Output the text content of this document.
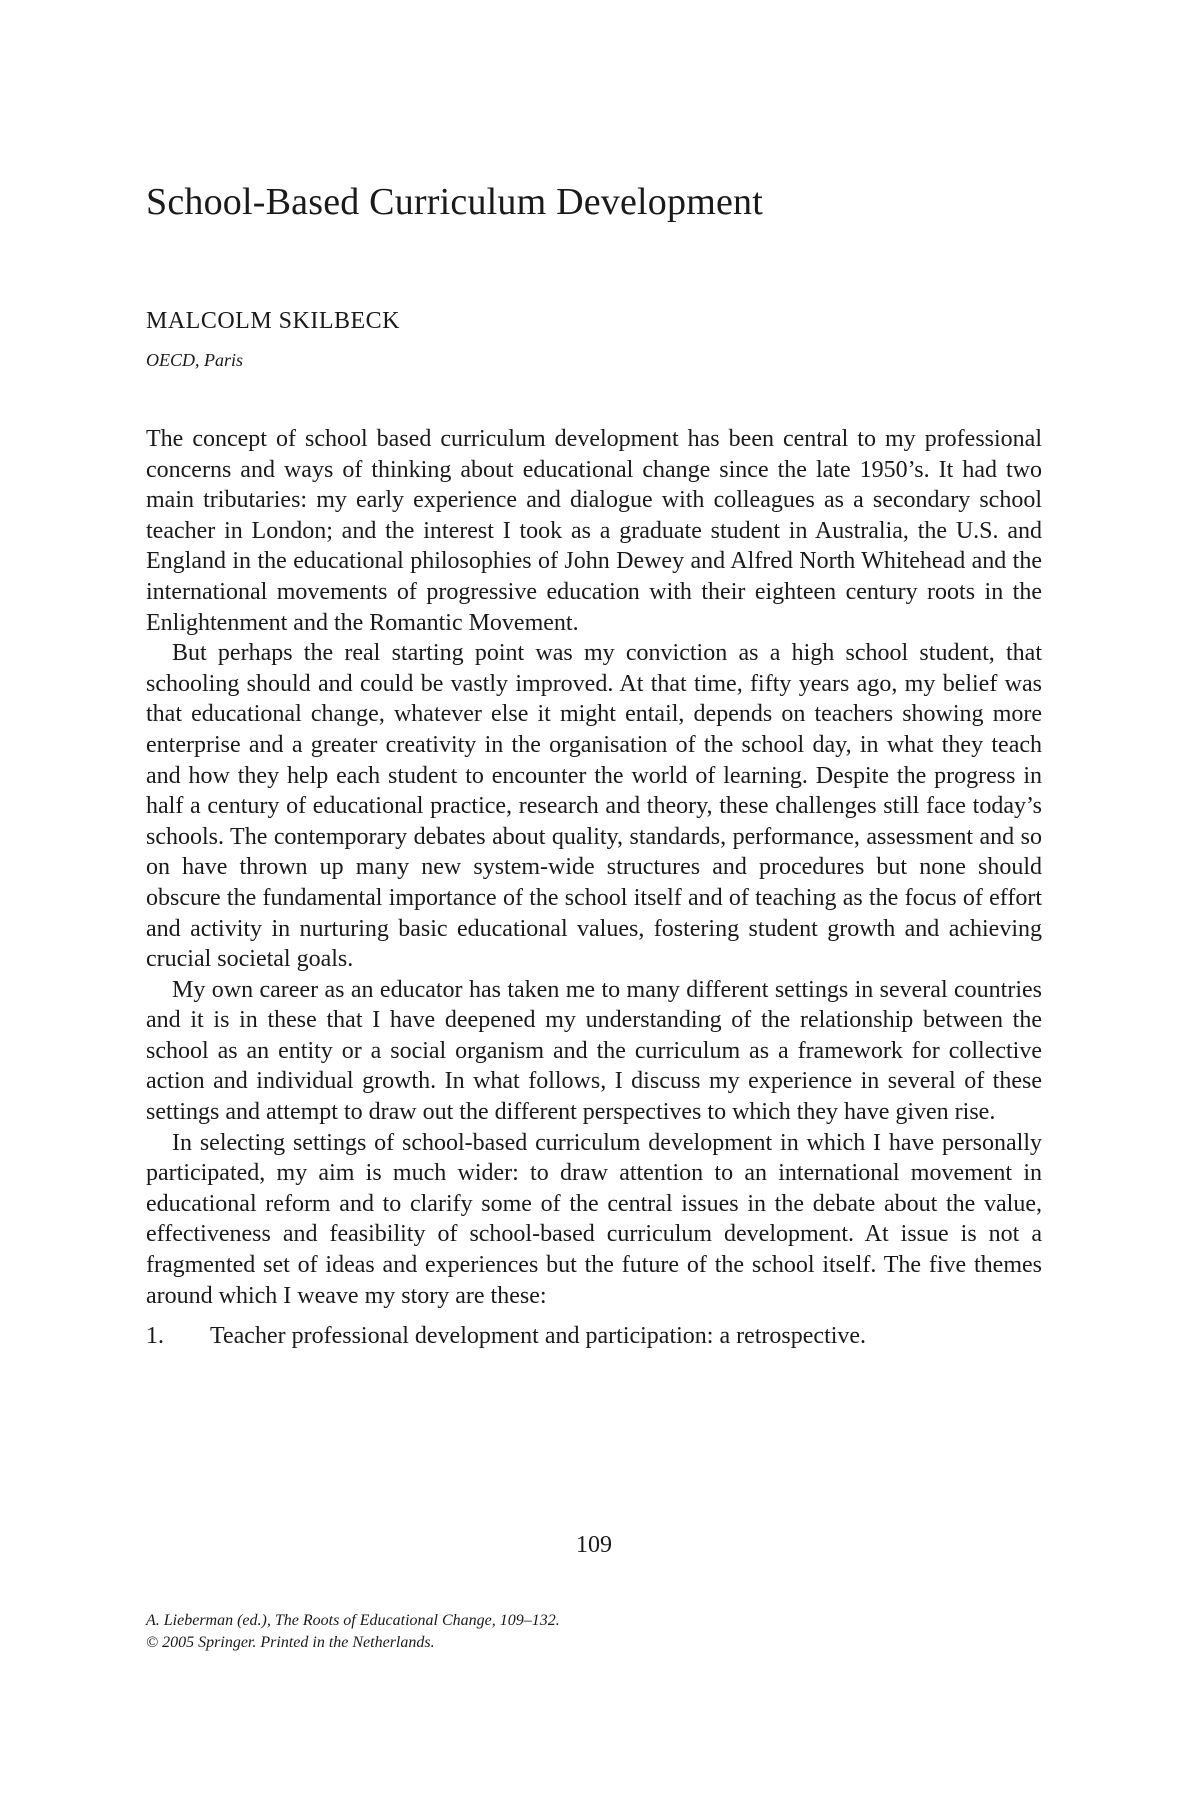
School-Based Curriculum Development
MALCOLM SKILBECK
OECD, Paris

The concept of school based curriculum development has been central to my professional concerns and ways of thinking about educational change since the late 1950’s. It had two main tributaries: my early experience and dialogue with colleagues as a secondary school teacher in London; and the interest I took as a graduate student in Australia, the U.S. and England in the educational philosophies of John Dewey and Alfred North Whitehead and the international movements of progressive education with their eighteen century roots in the Enlightenment and the Romantic Movement.

But perhaps the real starting point was my conviction as a high school student, that schooling should and could be vastly improved. At that time, fifty years ago, my belief was that educational change, whatever else it might entail, depends on teachers showing more enterprise and a greater creativity in the organisation of the school day, in what they teach and how they help each student to encounter the world of learning. Despite the progress in half a century of educational practice, research and theory, these challenges still face today’s schools. The contemporary debates about quality, standards, performance, assessment and so on have thrown up many new system-wide structures and procedures but none should obscure the fundamental importance of the school itself and of teaching as the focus of effort and activity in nurturing basic educational values, fostering student growth and achieving crucial societal goals.

My own career as an educator has taken me to many different settings in several countries and it is in these that I have deepened my understanding of the relationship between the school as an entity or a social organism and the curriculum as a framework for collective action and individual growth. In what follows, I discuss my experience in several of these settings and attempt to draw out the different perspectives to which they have given rise.

In selecting settings of school-based curriculum development in which I have personally participated, my aim is much wider: to draw attention to an international movement in educational reform and to clarify some of the central issues in the debate about the value, effectiveness and feasibility of school-based curriculum development. At issue is not a fragmented set of ideas and experiences but the future of the school itself. The five themes around which I weave my story are these:

1.	Teacher professional development and participation: a retrospective.
109
A. Lieberman (ed.), The Roots of Educational Change, 109–132.
© 2005 Springer. Printed in the Netherlands.
